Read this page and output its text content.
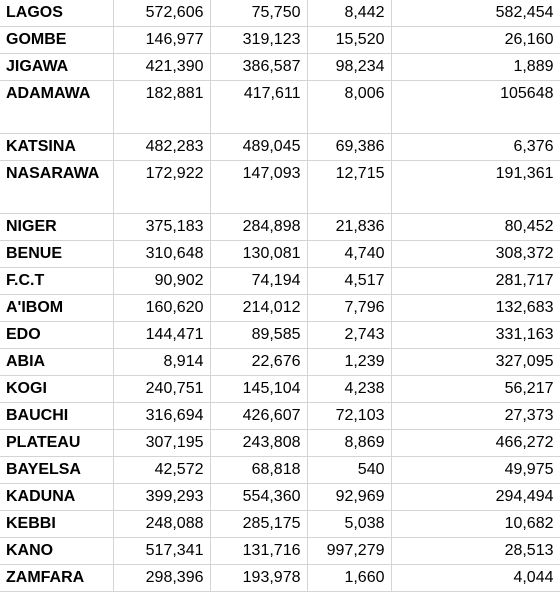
LAGOS	572,606	75,750	8,442	582,454
GOMBE	146,977	319,123	15,520	26,160
JIGAWA	421,390	386,587	98,234	1,889
ADAMAWA	182,881	417,611	8,006	105648
KATSINA	482,283	489,045	69,386	6,376
NASARAWA	172,922	147,093	12,715	191,361
NIGER	375,183	284,898	21,836	80,452
BENUE	310,648	130,081	4,740	308,372
F.C.T	90,902	74,194	4,517	281,717
A'IBOM	160,620	214,012	7,796	132,683
EDO	144,471	89,585	2,743	331,163
ABIA	8,914	22,676	1,239	327,095
KOGI	240,751	145,104	4,238	56,217
BAUCHI	316,694	426,607	72,103	27,373
PLATEAU	307,195	243,808	8,869	466,272
BAYELSA	42,572	68,818	540	49,975
KADUNA	399,293	554,360	92,969	294,494
KEBBI	248,088	285,175	5,038	10,682
KANO	517,341	131,716	997,279	28,513
ZAMFARA	298,396	193,978	1,660	4,044
